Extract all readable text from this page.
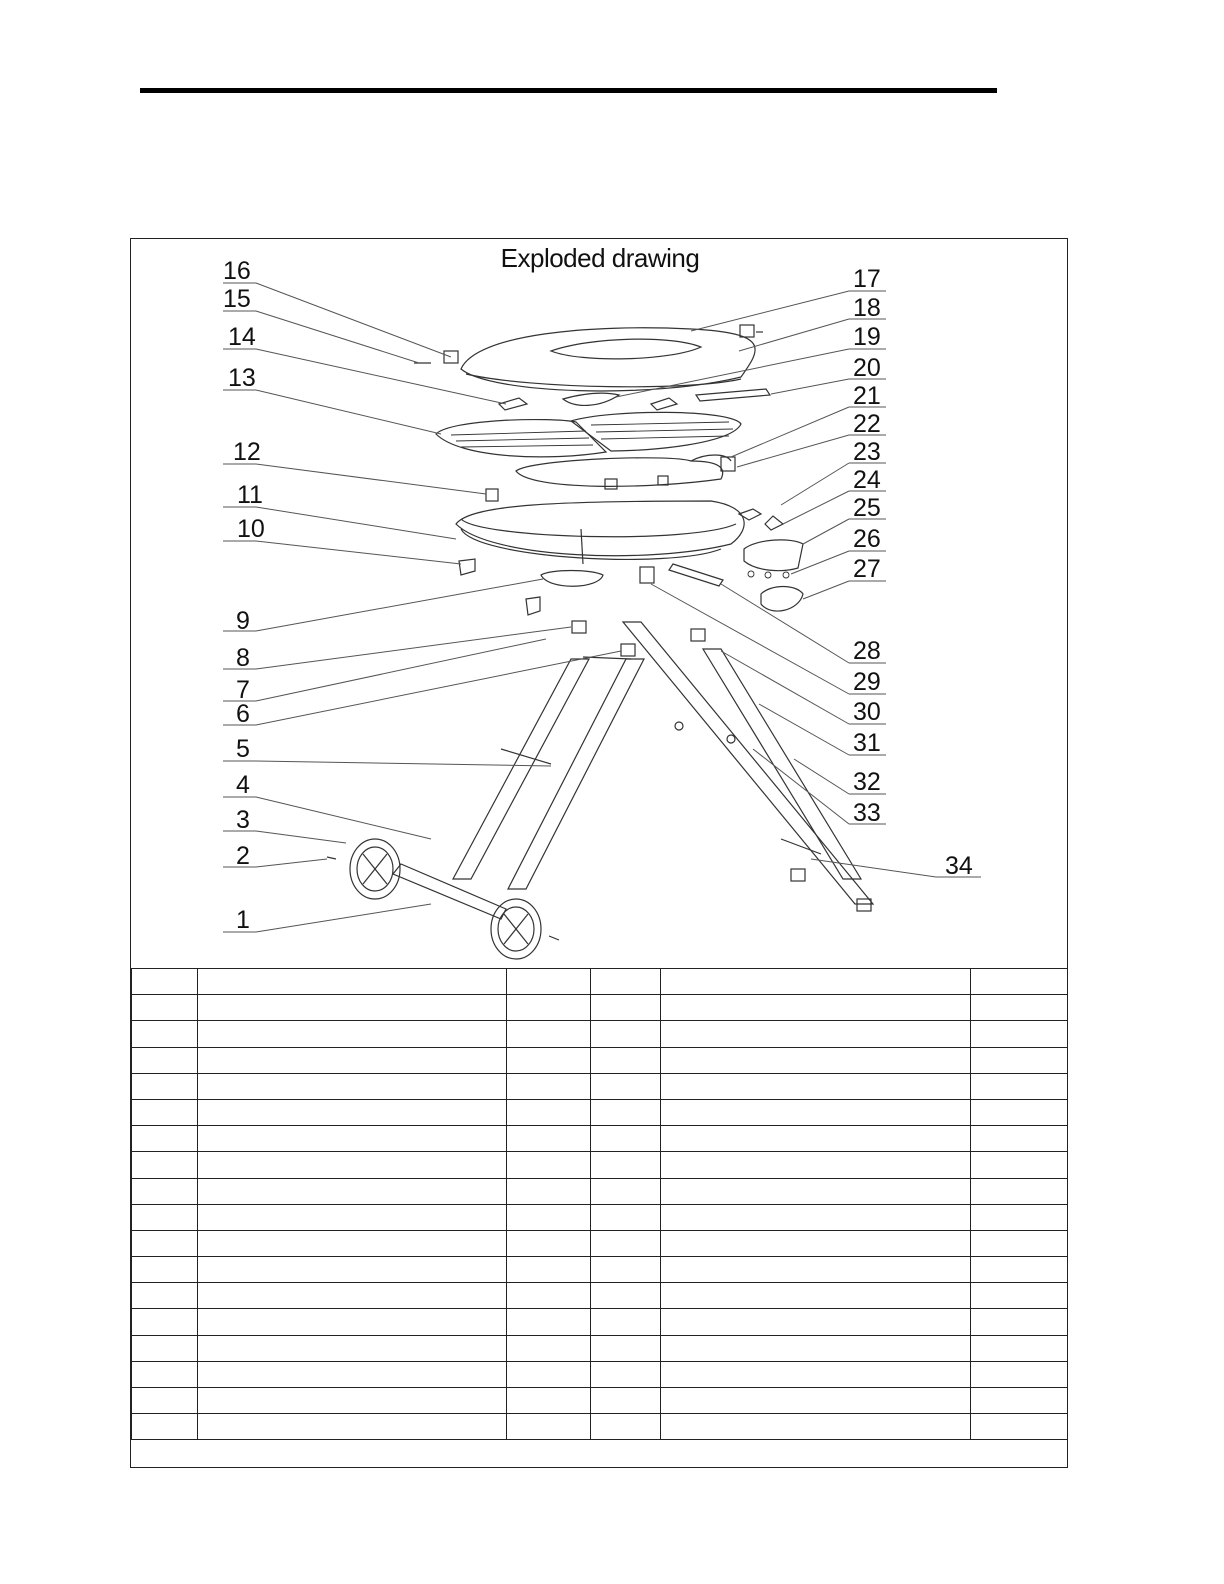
Exploded drawing
16
15
14
13
12
11
10
9
8
7
6
5
4
3
2
1
17
18
19
20
21
22
23
24
25
26
27
28
29
30
31
32
33
34
